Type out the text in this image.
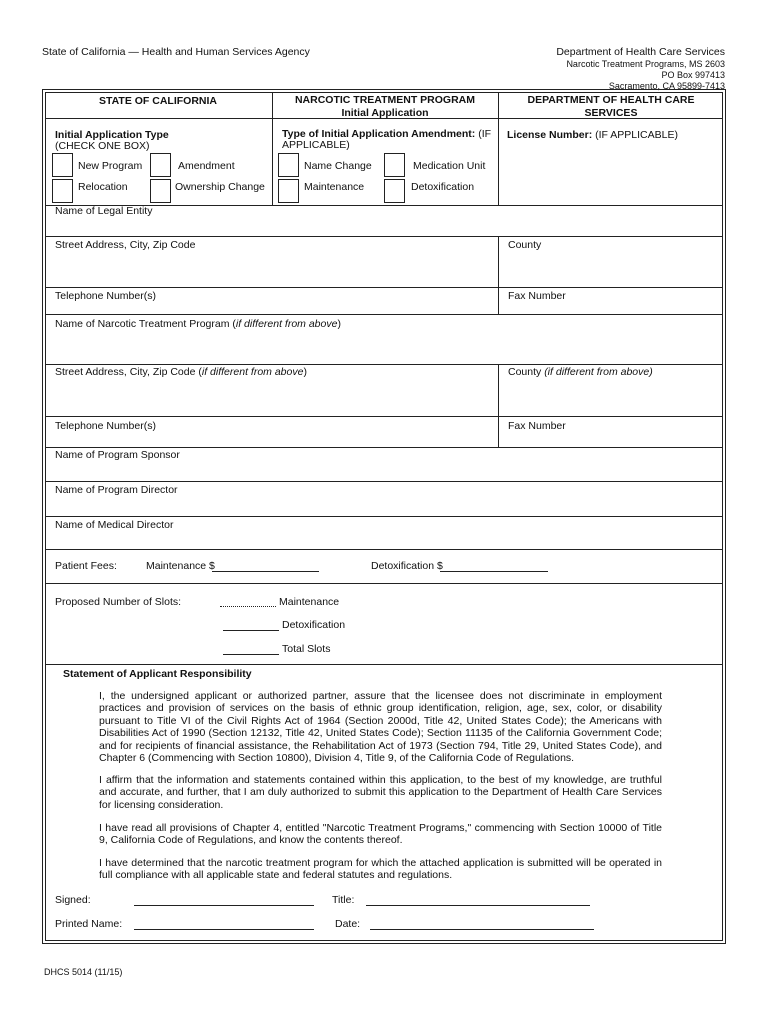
State of California — Health and Human Services Agency	Department of Health Care Services
Narcotic Treatment Programs, MS 2603
PO Box 997413
Sacramento, CA 95899-7413
STATE OF CALIFORNIA	NARCOTIC TREATMENT PROGRAM
Initial Application
DEPARTMENT OF HEALTH CARE
SERVICES
Initial Application Type
(CHECK ONE BOX)
New Program	Amendment
Relocation	Ownership Change
Type of Initial Application Amendment: (IF
APPLICABLE)
Name Change	Medication Unit
Maintenance	Detoxification
License Number: (IF APPLICABLE)
Name of Legal Entity
Street Address, City, Zip Code	County
Telephone Number(s)	Fax Number
Name of Narcotic Treatment Program (if different from above)
Street Address, City, Zip Code (if different from above)	County (if different from above)
Telephone Number(s)	Fax Number
Name of Program Sponsor
Name of Program Director
Name of Medical Director
Patient Fees:	Maintenance $	Detoxification $
Proposed Number of Slots:	Maintenance
Detoxification
Total Slots
Statement of Applicant Responsibility
I, the undersigned applicant or authorized partner, assure that the licensee does not discriminate in employment practices and provision of services on the basis of ethnic group identification, religion, age, sex, color, or disability pursuant to Title VI of the Civil Rights Act of 1964 (Section 2000d, Title 42, United States Code); the Americans with Disabilities Act of 1990 (Section 12132, Title 42, United States Code); Section 11135 of the California Government Code; and for recipients of financial assistance, the Rehabilitation Act of 1973 (Section 794, Title 29, United States Code), and Chapter 6 (Commencing with Section 10800), Division 4, Title 9, of the California Code of Regulations.
I affirm that the information and statements contained within this application, to the best of my knowledge, are truthful and accurate, and further, that I am duly authorized to submit this application to the Department of Health Care Services for licensing consideration.
I have read all provisions of Chapter 4, entitled "Narcotic Treatment Programs," commencing with Section 10000 of Title 9, California Code of Regulations, and know the contents thereof.
I have determined that the narcotic treatment program for which the attached application is submitted will be operated in full compliance with all applicable state and federal statutes and regulations.
Signed:	Title:
Printed Name:	Date:
DHCS 5014 (11/15)
